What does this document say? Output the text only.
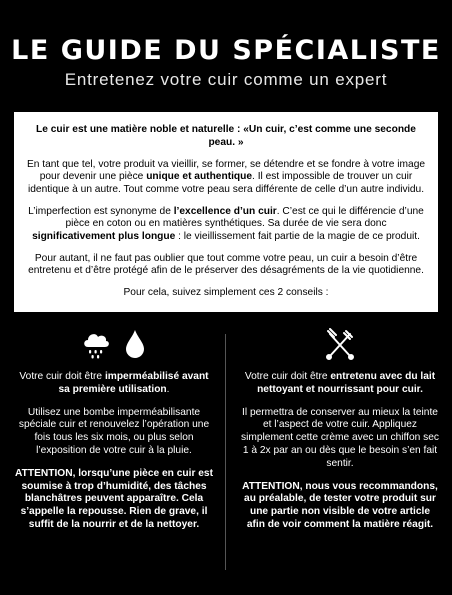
LE GUIDE DU SPÉCIALISTE
Entretenez votre cuir comme un expert

Le cuir est une matière noble et naturelle : «Un cuir, c’est comme une seconde peau. »

En tant que tel, votre produit va vieillir, se former, se détendre et se fondre à votre image pour devenir une pièce unique et authentique. Il est impossible de trouver un cuir identique à un autre. Tout comme votre peau sera différente de celle d’un autre individu.

L’imperfection est synonyme de l’excellence d’un cuir. C’est ce qui le différencie d’une pièce en coton ou en matières synthétiques. Sa durée de vie sera donc significativement plus longue : le vieillissement fait partie de la magie de ce produit.

Pour autant, il ne faut pas oublier que tout comme votre peau, un cuir a besoin d’être entretenu et d’être protégé afin de le préserver des désagréments de la vie quotidienne.

Pour cela, suivez simplement ces 2 conseils :

Votre cuir doit être imperméabilisé avant sa première utilisation.

Utilisez une bombe imperméabilisante spéciale cuir et renouvelez l’opération une fois tous les six mois, ou plus selon l’exposition de votre cuir à la pluie.

ATTENTION, lorsqu’une pièce en cuir est soumise à trop d’humidité, des tâches blanchâtres peuvent apparaître. Cela s’appelle la repousse. Rien de grave, il suffit de la nourrir et de la nettoyer.

Votre cuir doit être entretenu avec du lait nettoyant et nourrissant pour cuir.

Il permettra de conserver au mieux la teinte et l’aspect de votre cuir. Appliquez simplement cette crème avec un chiffon sec 1 à 2x par an ou dès que le besoin s’en fait sentir.

ATTENTION, nous vous recommandons, au préalable, de tester votre produit sur une partie non visible de votre article afin de voir comment la matière réagit.
